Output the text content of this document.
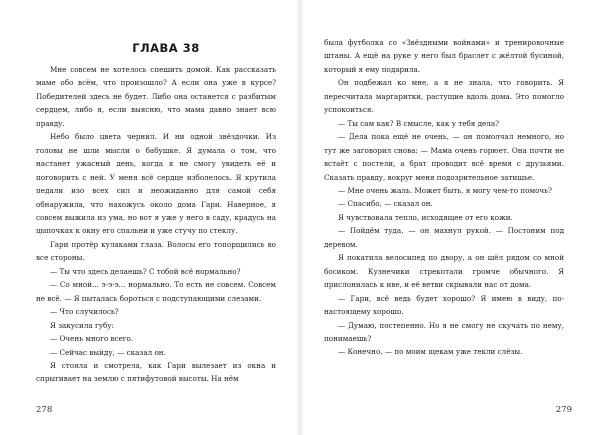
ГЛАВА 38

Мне совсем не хотелось спешить домой. Как рассказать маме обо всём, что произошло? А если она уже в курсе? Победителей здесь не будет. Либо она останется с разбитым сердцем, либо я, если выясню, что мама давно знает всю правду.

Небо было цвета чернил. И ни одной звёздочки. Из головы не шли мысли о бабушке. Я думала о том, что настанет ужасный день, когда я не смогу увидеть её и поговорить с ней. У меня всё сердце изболелось. Я крутила педали изо всех сил и неожиданно для самой себя обнаружила, что нахожусь около дома Гари. Наверное, я совсем выжила из ума, но вот я уже у него в саду, крадусь на цыпочках к окну его спальни и уже стучу по стеклу.

Гари протёр кулаками глаза. Волосы его топорщились во все стороны.

— Ты что здесь делаешь? С тобой всё нормально?

— Со мной... э-э-э... нормально. То есть не совсем. Совсем не всё. — Я пыталась бороться с подступающими слезами.

— Что случилось?

Я закусила губу:

— Очень много всего.

— Сейчас выйду, — сказал он.

Я стояла и смотрела, как Гари вылезает из окна и спрыгивает на землю с пятифутовой высоты. На нём

278

была футболка со «Звёздными войнами» и тренировочные штаны. А ещё на руке у него был браслет с жёлтой бусиной, который я ему подарила.

Он подбежал ко мне, а я не знала, что говорить. Я пересчитала маргаритки, растущие вдоль дома. Это помогло успокоиться.

— Ты сам как? В смысле, как у тебя дела?

— Дела пока ещё не очень, — он помолчал немного, но тут же заговорил снова: — Мама очень горюет. Она почти не встаёт с постели, а брат проводит всё время с друзьями. Сказать правду, вокруг меня подозрительное затишье.

— Мне очень жаль. Может быть, я могу чем-то помочь?

— Спасибо, — сказал он.

Я чувствовала тепло, исходящее от его кожи.

— Пойдём туда, — он махнул рукой. — Постоним под деревом.

Я покатила велосипед по двору, а он шёл рядом со мной босиком. Кузнечики стрекотали громче обычного. Я прислонилась к иве, и её ветви скрывали нас от дома.

— Гари, всё ведь будет хорошо? Я имею в виду, по-настоящему хорошо.

— Думаю, постепенно. Но я не смогу не скучать по нему, понимаешь?

— Конечно, — по моим щекам уже текли слёзы.

279
